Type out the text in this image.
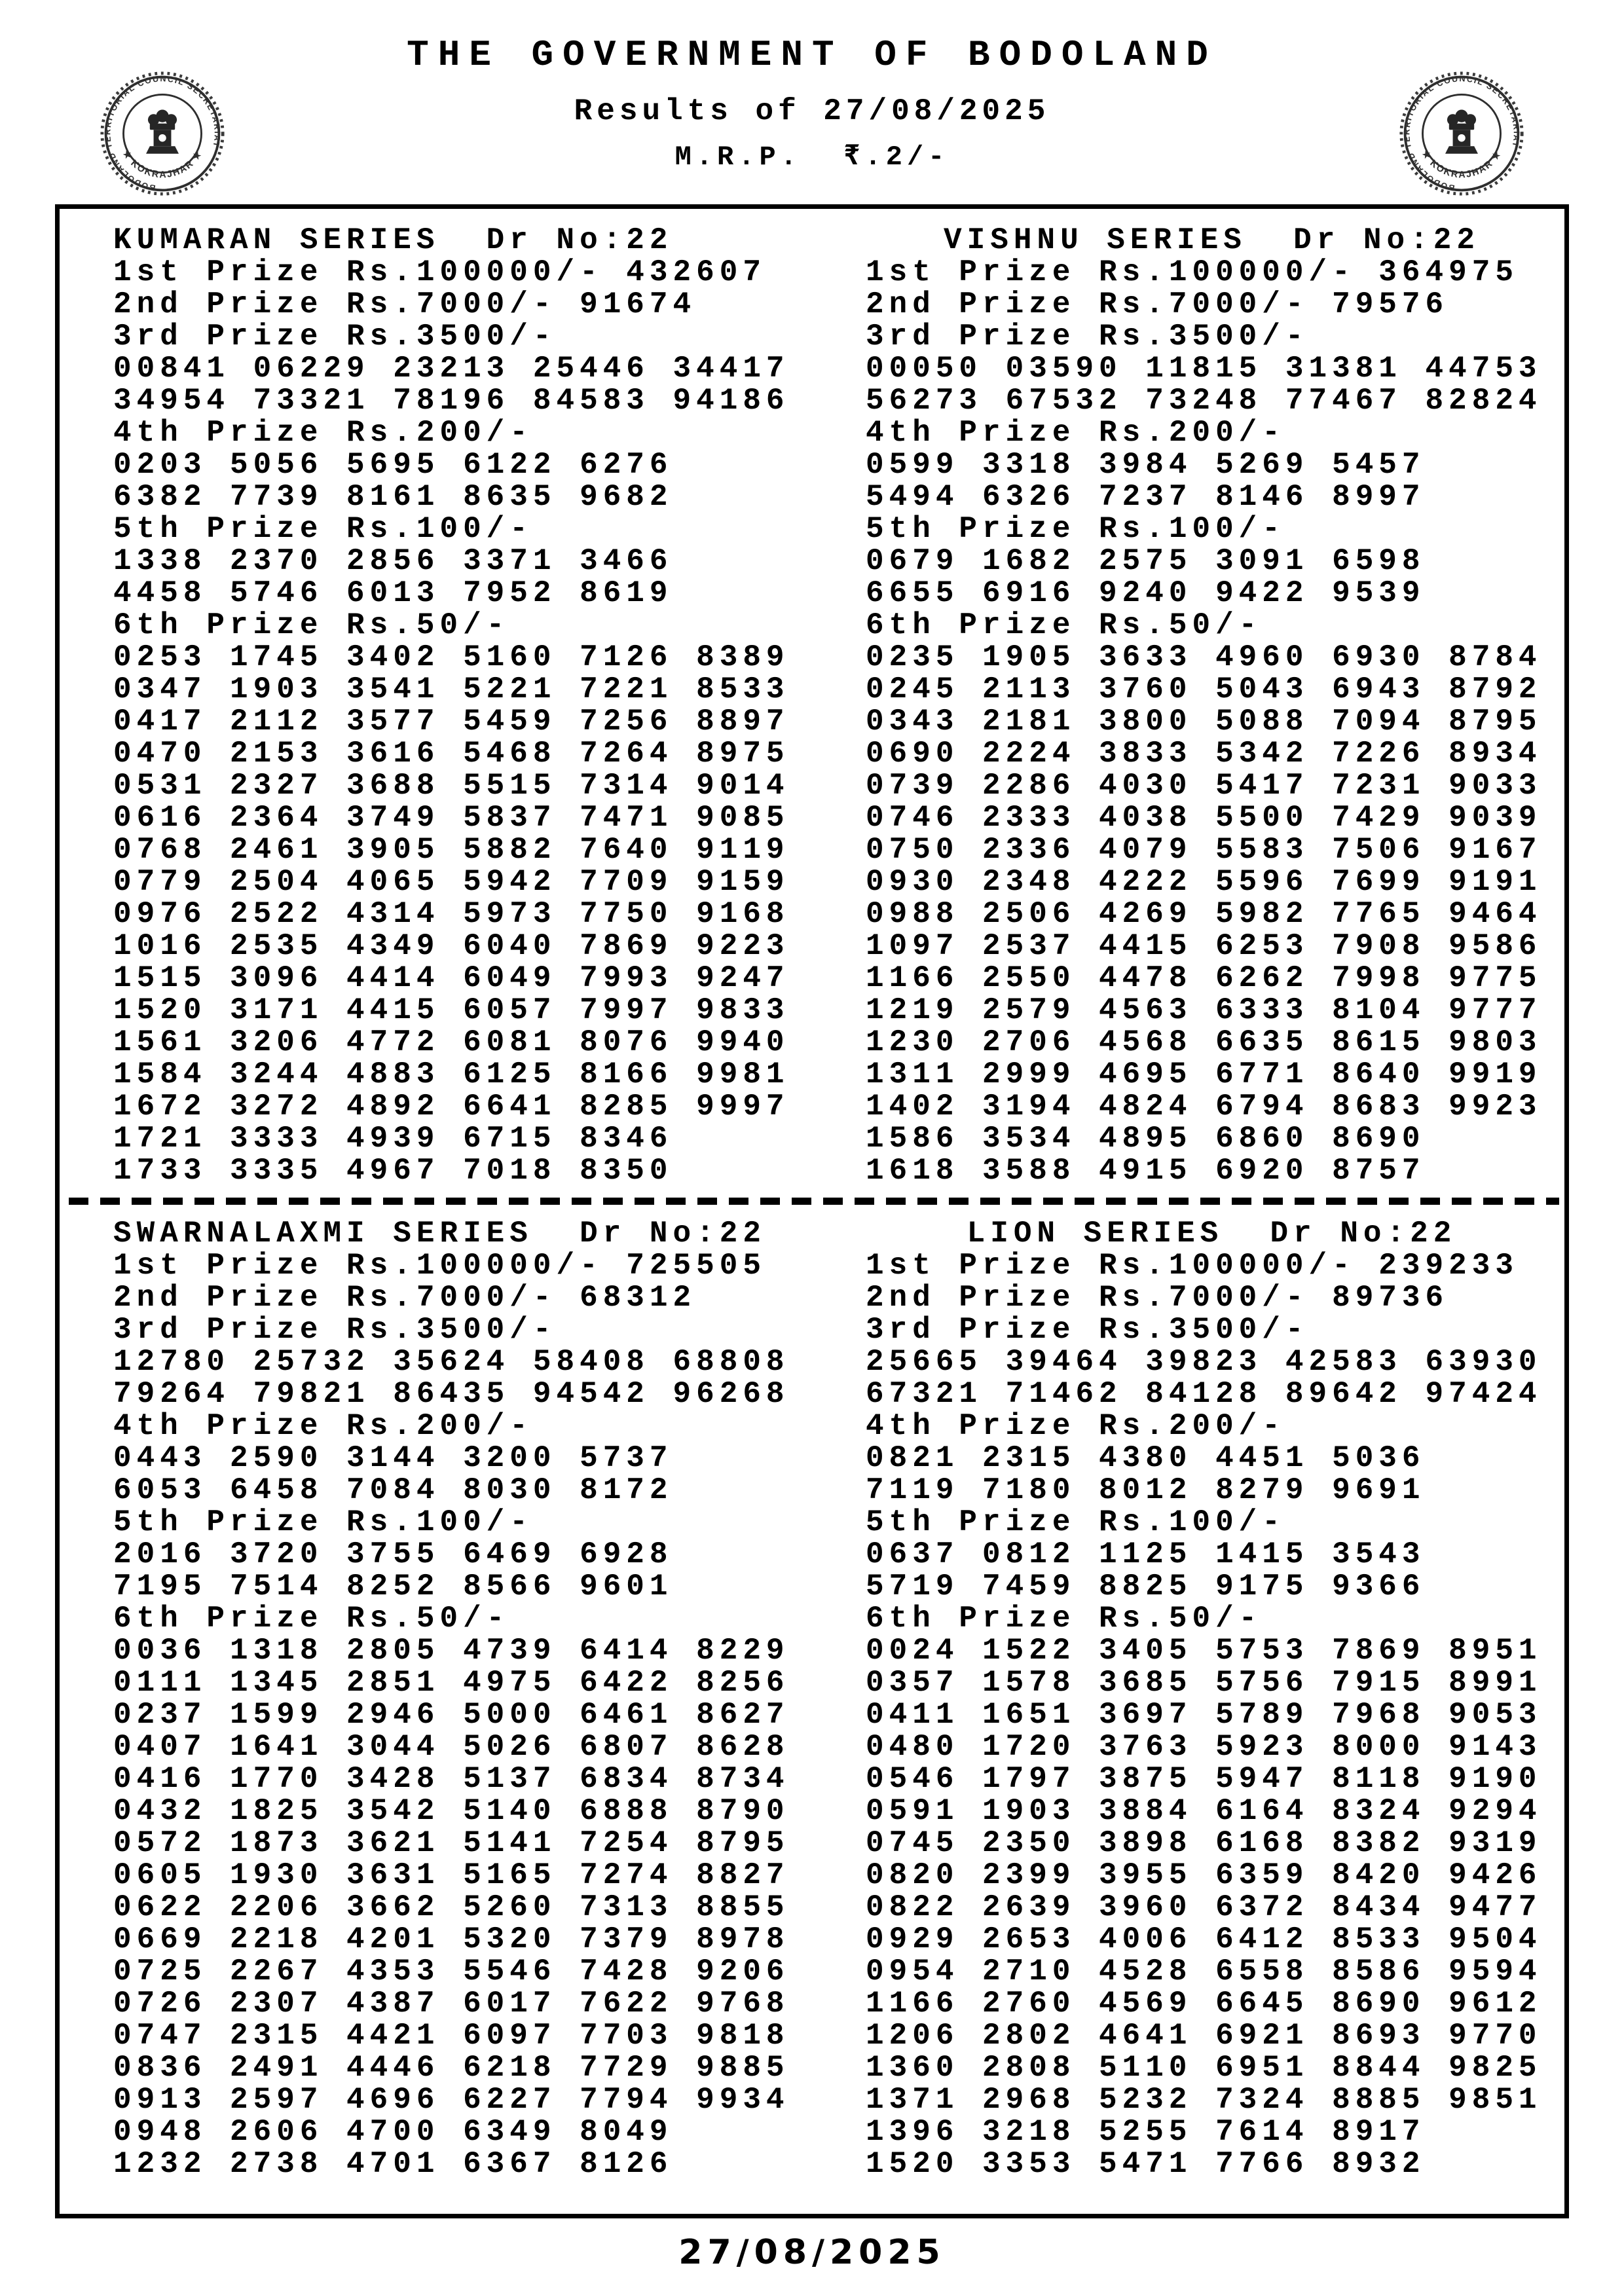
BODOLAND TERRITORIAL COUNCIL SECRETARIAT
★ KOKRAJHAR ★
THE GOVERNMENT OF BODOLAND
Results of 27/08/2025
M.R.P.  ₹.2/-
BODOLAND TERRITORIAL COUNCIL SECRETARIAT
★ KOKRAJHAR ★
KUMARAN SERIES  Dr No:22
1st Prize Rs.100000/- 432607
2nd Prize Rs.7000/- 91674
3rd Prize Rs.3500/-
00841 06229 23213 25446 34417
34954 73321 78196 84583 94186
4th Prize Rs.200/-
0203 5056 5695 6122 6276
6382 7739 8161 8635 9682
5th Prize Rs.100/-
1338 2370 2856 3371 3466
4458 5746 6013 7952 8619
6th Prize Rs.50/-
0253 1745 3402 5160 7126 8389
0347 1903 3541 5221 7221 8533
0417 2112 3577 5459 7256 8897
0470 2153 3616 5468 7264 8975
0531 2327 3688 5515 7314 9014
0616 2364 3749 5837 7471 9085
0768 2461 3905 5882 7640 9119
0779 2504 4065 5942 7709 9159
0976 2522 4314 5973 7750 9168
1016 2535 4349 6040 7869 9223
1515 3096 4414 6049 7993 9247
1520 3171 4415 6057 7997 9833
1561 3206 4772 6081 8076 9940
1584 3244 4883 6125 8166 9981
1672 3272 4892 6641 8285 9997
1721 3333 4939 6715 8346
1733 3335 4967 7018 8350
VISHNU SERIES  Dr No:22
1st Prize Rs.100000/- 364975
2nd Prize Rs.7000/- 79576
3rd Prize Rs.3500/-
00050 03590 11815 31381 44753
56273 67532 73248 77467 82824
4th Prize Rs.200/-
0599 3318 3984 5269 5457
5494 6326 7237 8146 8997
5th Prize Rs.100/-
0679 1682 2575 3091 6598
6655 6916 9240 9422 9539
6th Prize Rs.50/-
0235 1905 3633 4960 6930 8784
0245 2113 3760 5043 6943 8792
0343 2181 3800 5088 7094 8795
0690 2224 3833 5342 7226 8934
0739 2286 4030 5417 7231 9033
0746 2333 4038 5500 7429 9039
0750 2336 4079 5583 7506 9167
0930 2348 4222 5596 7699 9191
0988 2506 4269 5982 7765 9464
1097 2537 4415 6253 7908 9586
1166 2550 4478 6262 7998 9775
1219 2579 4563 6333 8104 9777
1230 2706 4568 6635 8615 9803
1311 2999 4695 6771 8640 9919
1402 3194 4824 6794 8683 9923
1586 3534 4895 6860 8690
1618 3588 4915 6920 8757
SWARNALAXMI SERIES  Dr No:22
1st Prize Rs.100000/- 725505
2nd Prize Rs.7000/- 68312
3rd Prize Rs.3500/-
12780 25732 35624 58408 68808
79264 79821 86435 94542 96268
4th Prize Rs.200/-
0443 2590 3144 3200 5737
6053 6458 7084 8030 8172
5th Prize Rs.100/-
2016 3720 3755 6469 6928
7195 7514 8252 8566 9601
6th Prize Rs.50/-
0036 1318 2805 4739 6414 8229
0111 1345 2851 4975 6422 8256
0237 1599 2946 5000 6461 8627
0407 1641 3044 5026 6807 8628
0416 1770 3428 5137 6834 8734
0432 1825 3542 5140 6888 8790
0572 1873 3621 5141 7254 8795
0605 1930 3631 5165 7274 8827
0622 2206 3662 5260 7313 8855
0669 2218 4201 5320 7379 8978
0725 2267 4353 5546 7428 9206
0726 2307 4387 6017 7622 9768
0747 2315 4421 6097 7703 9818
0836 2491 4446 6218 7729 9885
0913 2597 4696 6227 7794 9934
0948 2606 4700 6349 8049
1232 2738 4701 6367 8126
LION SERIES  Dr No:22
1st Prize Rs.100000/- 239233
2nd Prize Rs.7000/- 89736
3rd Prize Rs.3500/-
25665 39464 39823 42583 63930
67321 71462 84128 89642 97424
4th Prize Rs.200/-
0821 2315 4380 4451 5036
7119 7180 8012 8279 9691
5th Prize Rs.100/-
0637 0812 1125 1415 3543
5719 7459 8825 9175 9366
6th Prize Rs.50/-
0024 1522 3405 5753 7869 8951
0357 1578 3685 5756 7915 8991
0411 1651 3697 5789 7968 9053
0480 1720 3763 5923 8000 9143
0546 1797 3875 5947 8118 9190
0591 1903 3884 6164 8324 9294
0745 2350 3898 6168 8382 9319
0820 2399 3955 6359 8420 9426
0822 2639 3960 6372 8434 9477
0929 2653 4006 6412 8533 9504
0954 2710 4528 6558 8586 9594
1166 2760 4569 6645 8690 9612
1206 2802 4641 6921 8693 9770
1360 2808 5110 6951 8844 9825
1371 2968 5232 7324 8885 9851
1396 3218 5255 7614 8917
1520 3353 5471 7766 8932
27/08/2025
